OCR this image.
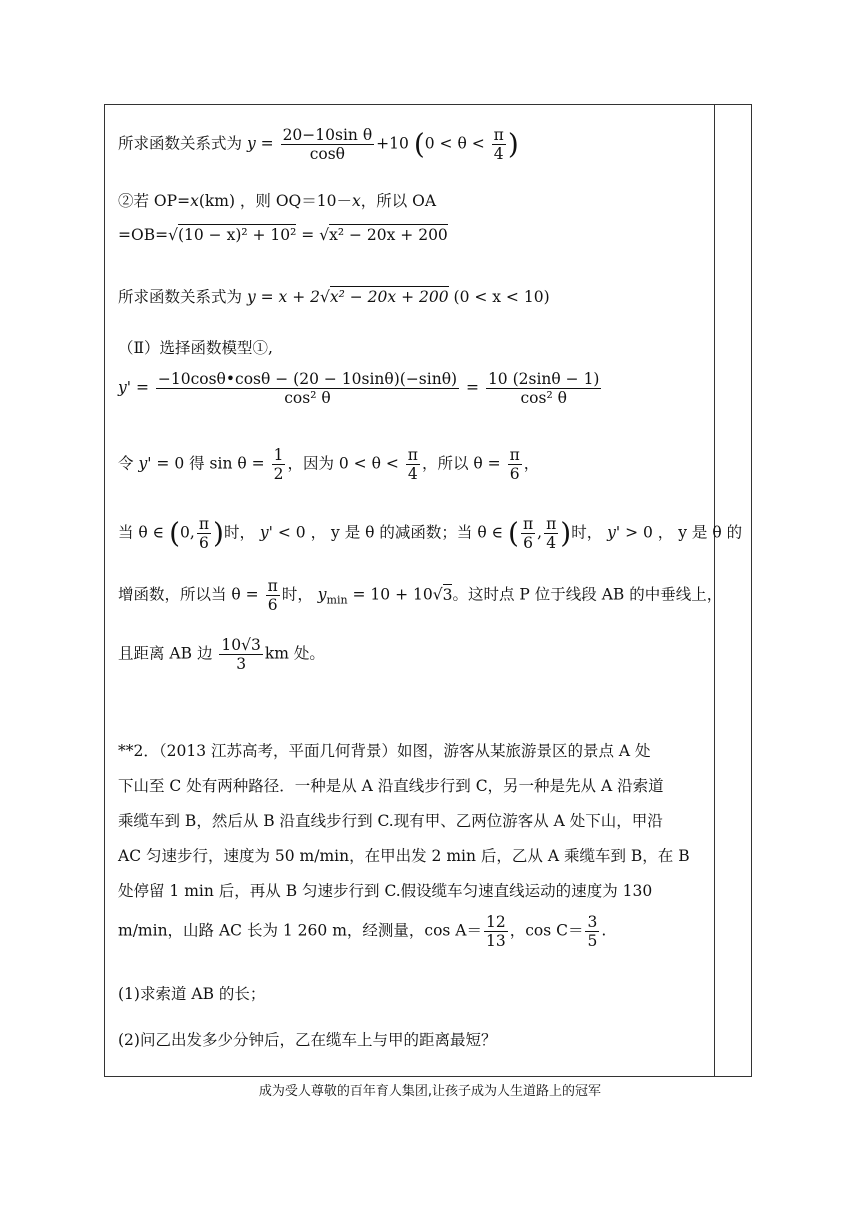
所求函数关系式为 $y = \frac{\text{20−10sin θ}}{\cos\theta} +10$ ($0 < \theta < \frac{\pi}{4}$ )
②若 OP=x(km) ，则 OQ＝10－x，所以 OA
=OB=√(10 − x)² + 10² = √x² − 20x + 200
所求函数关系式为 y = x + 2√x² − 20x + 200 (0 < x < 10)
（Ⅱ）选择函数模型①,
$y' = \frac{-10\cos\theta•\cos\theta - (20 - 10\sin\theta)(-\sin\theta)}{\text{cos² θ}} = \frac{10 (2\sin\theta - 1)}{\text{cos² θ}}$
令 y' = 0 得 $\sin \theta = \frac{1}{2}$ ，因为 $0 < \theta < \frac{\pi}{4}$ ，所以 $\theta = \frac{\pi}{6}$ ，
当 θ ∈ (0, $\frac{\pi}{6}$ )时， y' < 0 ， y 是 θ 的减函数；当 θ ∈ ( $\frac{\pi}{6}$ , $\frac{\pi}{4}$ )时， y' > 0 ， y 是 θ 的
增函数，所以当 $\theta = \frac{\pi}{6}$ 时， $y_{min} = 10 + 10√3$。这时点 P 位于线段 AB 的中垂线上，
且距离 AB 边 $\frac{10√3}{3}$ km 处。
**2．（2013 江苏高考，平面几何背景）如图，游客从某旅游景区的景点 A 处
下山至 C 处有两种路径．一种是从 A 沿直线步行到 C，另一种是先从 A 沿索道
乘缆车到 B，然后从 B 沿直线步行到 C.现有甲、乙两位游客从 A 处下山，甲沿
AC 匀速步行，速度为 50 m/min，在甲出发 2 min 后，乙从 A 乘缆车到 B，在 B
处停留 1 min 后，再从 B 匀速步行到 C.假设缆车匀速直线运动的速度为 130
m/min，山路 AC 长为 1 260 m，经测量，$\cos A= \frac{12}{13}$ ，$\cos C= \frac{3}{5}$ .
(1)求索道 AB 的长；
(2)问乙出发多少分钟后，乙在缆车上与甲的距离最短？
成为受人尊敬的百年育人集团,让孩子成为人生道路上的冠军
